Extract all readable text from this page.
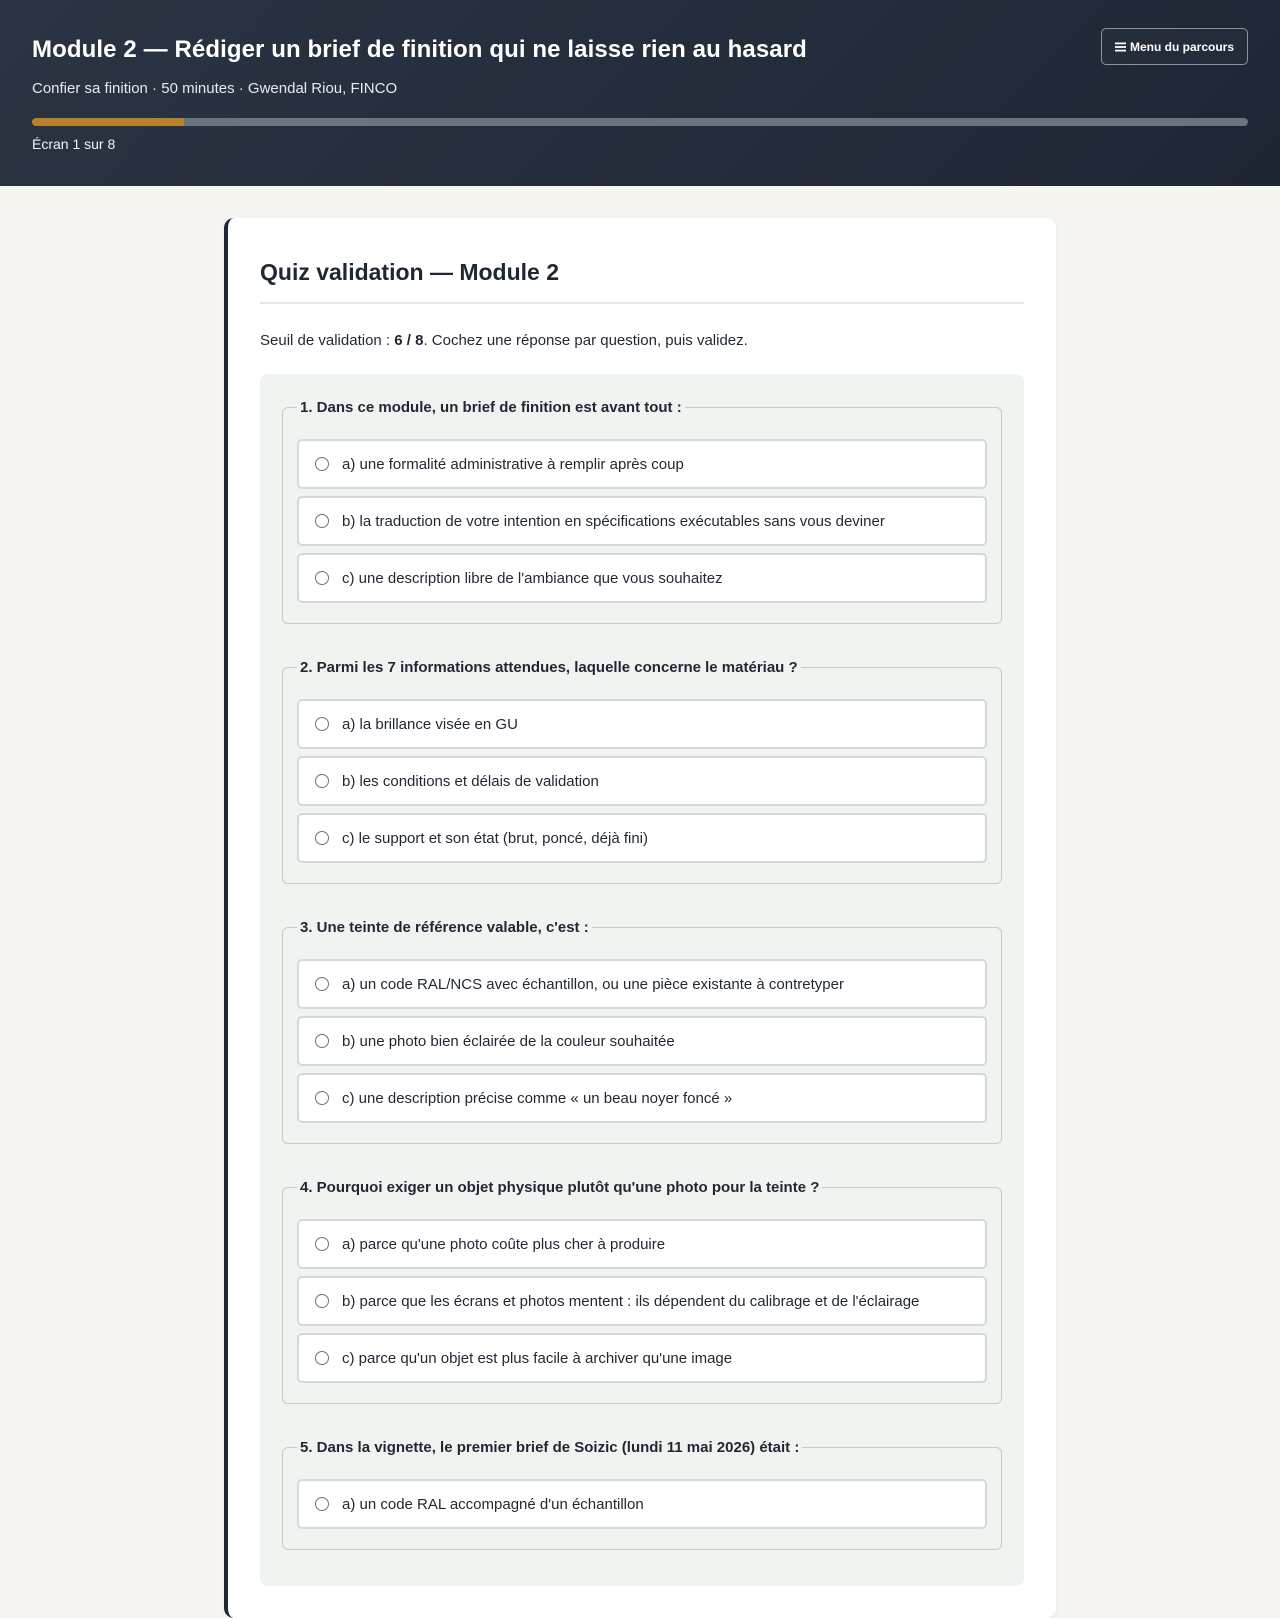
Module 2 — Rédiger un brief de finition qui ne laisse rien au hasard
Confier sa finition · 50 minutes · Gwendal Riou, FINCO
Menu du parcours
Écran 1 sur 8
Quiz validation — Module 2
Seuil de validation : 6 / 8. Cochez une réponse par question, puis validez.
1. Dans ce module, un brief de finition est avant tout :
a) une formalité administrative à remplir après coup
b) la traduction de votre intention en spécifications exécutables sans vous deviner
c) une description libre de l'ambiance que vous souhaitez
2. Parmi les 7 informations attendues, laquelle concerne le matériau ?
a) la brillance visée en GU
b) les conditions et délais de validation
c) le support et son état (brut, poncé, déjà fini)
3. Une teinte de référence valable, c'est :
a) un code RAL/NCS avec échantillon, ou une pièce existante à contretyper
b) une photo bien éclairée de la couleur souhaitée
c) une description précise comme « un beau noyer foncé »
4. Pourquoi exiger un objet physique plutôt qu'une photo pour la teinte ?
a) parce qu'une photo coûte plus cher à produire
b) parce que les écrans et photos mentent : ils dépendent du calibrage et de l'éclairage
c) parce qu'un objet est plus facile à archiver qu'une image
5. Dans la vignette, le premier brief de Soizic (lundi 11 mai 2026) était :
a) un code RAL accompagné d'un échantillon
